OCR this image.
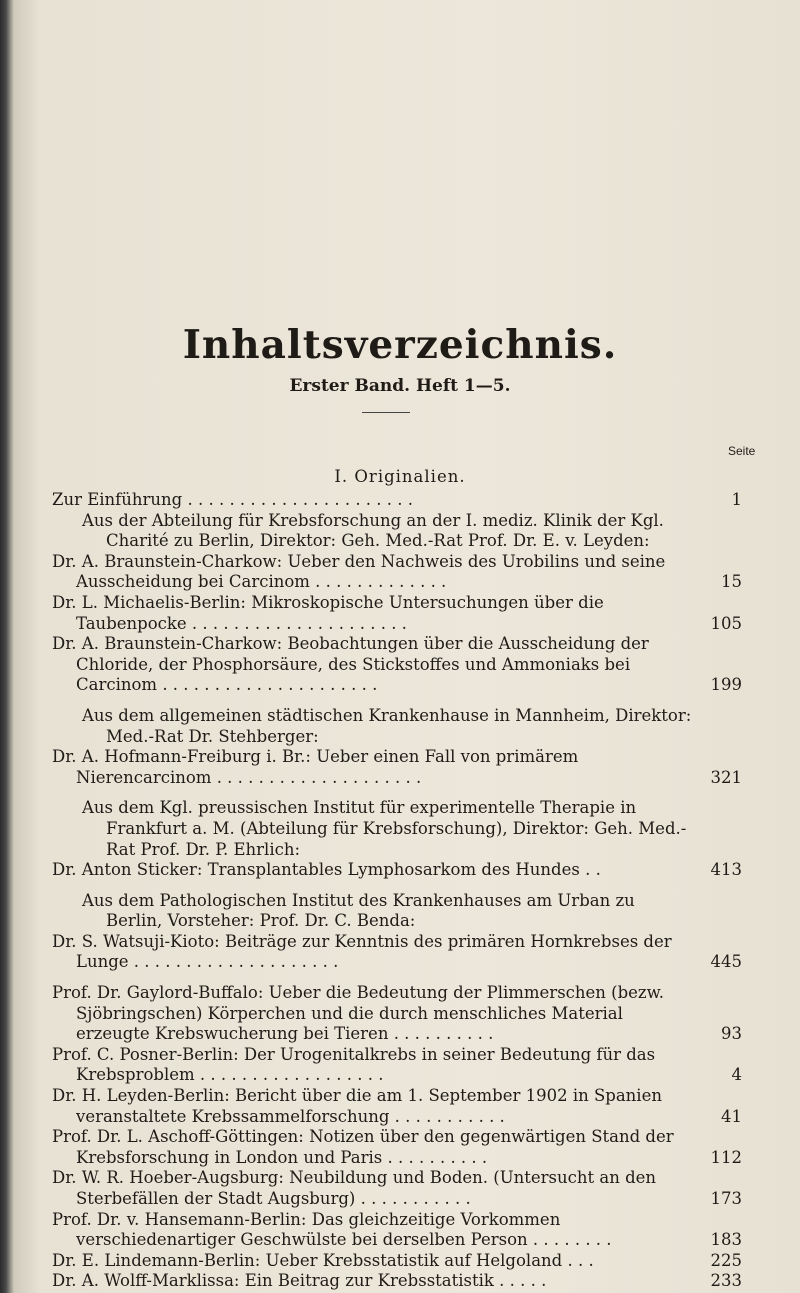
Inhaltsverzeichnis.
Erster Band. Heft 1—5.
Seite
I. Originalien.
Zur Einführung . . . . . . . . . . . . . . . . . . . . . .	1
Aus der Abteilung für Krebsforschung an der I. mediz. Klinik der Kgl. Charité zu Berlin, Direktor: Geh. Med.-Rat Prof. Dr. E. v. Leyden:
Dr. A. Braunstein-Charkow: Ueber den Nachweis des Urobilins und seine Ausscheidung bei Carcinom . . . . . . . . . . . . .	15
Dr. L. Michaelis-Berlin: Mikroskopische Untersuchungen über die Taubenpocke . . . . . . . . . . . . . . . . . . . . .	105
Dr. A. Braunstein-Charkow: Beobachtungen über die Ausscheidung der Chloride, der Phosphorsäure, des Stickstoffes und Ammoniaks bei Carcinom . . . . . . . . . . . . . . . . . . . . .	199
Aus dem allgemeinen städtischen Krankenhause in Mannheim, Direktor: Med.-Rat Dr. Stehberger:
Dr. A. Hofmann-Freiburg i. Br.: Ueber einen Fall von primärem Nierencarcinom . . . . . . . . . . . . . . . . . . . .	321
Aus dem Kgl. preussischen Institut für experimentelle Therapie in Frankfurt a. M. (Abteilung für Krebsforschung), Direktor: Geh. Med.-Rat Prof. Dr. P. Ehrlich:
Dr. Anton Sticker: Transplantables Lymphosarkom des Hundes . .	413
Aus dem Pathologischen Institut des Krankenhauses am Urban zu Berlin, Vorsteher: Prof. Dr. C. Benda:
Dr. S. Watsuji-Kioto: Beiträge zur Kenntnis des primären Hornkrebses der Lunge . . . . . . . . . . . . . . . . . . . .	445
Prof. Dr. Gaylord-Buffalo: Ueber die Bedeutung der Plimmerschen (bezw. Sjöbringschen) Körperchen und die durch menschliches Material erzeugte Krebswucherung bei Tieren . . . . . . . . . .	93
Prof. C. Posner-Berlin: Der Urogenitalkrebs in seiner Bedeutung für das Krebsproblem . . . . . . . . . . . . . . . . . .	4
Dr. H. Leyden-Berlin: Bericht über die am 1. September 1902 in Spanien veranstaltete Krebssammelforschung . . . . . . . . . . .	41
Prof. Dr. L. Aschoff-Göttingen: Notizen über den gegenwärtigen Stand der Krebsforschung in London und Paris . . . . . . . . . .	112
Dr. W. R. Hoeber-Augsburg: Neubildung und Boden. (Untersucht an den Sterbefällen der Stadt Augsburg) . . . . . . . . . . .	173
Prof. Dr. v. Hansemann-Berlin: Das gleichzeitige Vorkommen verschiedenartiger Geschwülste bei derselben Person . . . . . . . .	183
Dr. E. Lindemann-Berlin: Ueber Krebsstatistik auf Helgoland . . .	225
Dr. A. Wolff-Marklissa: Ein Beitrag zur Krebsstatistik . . . . .	233
